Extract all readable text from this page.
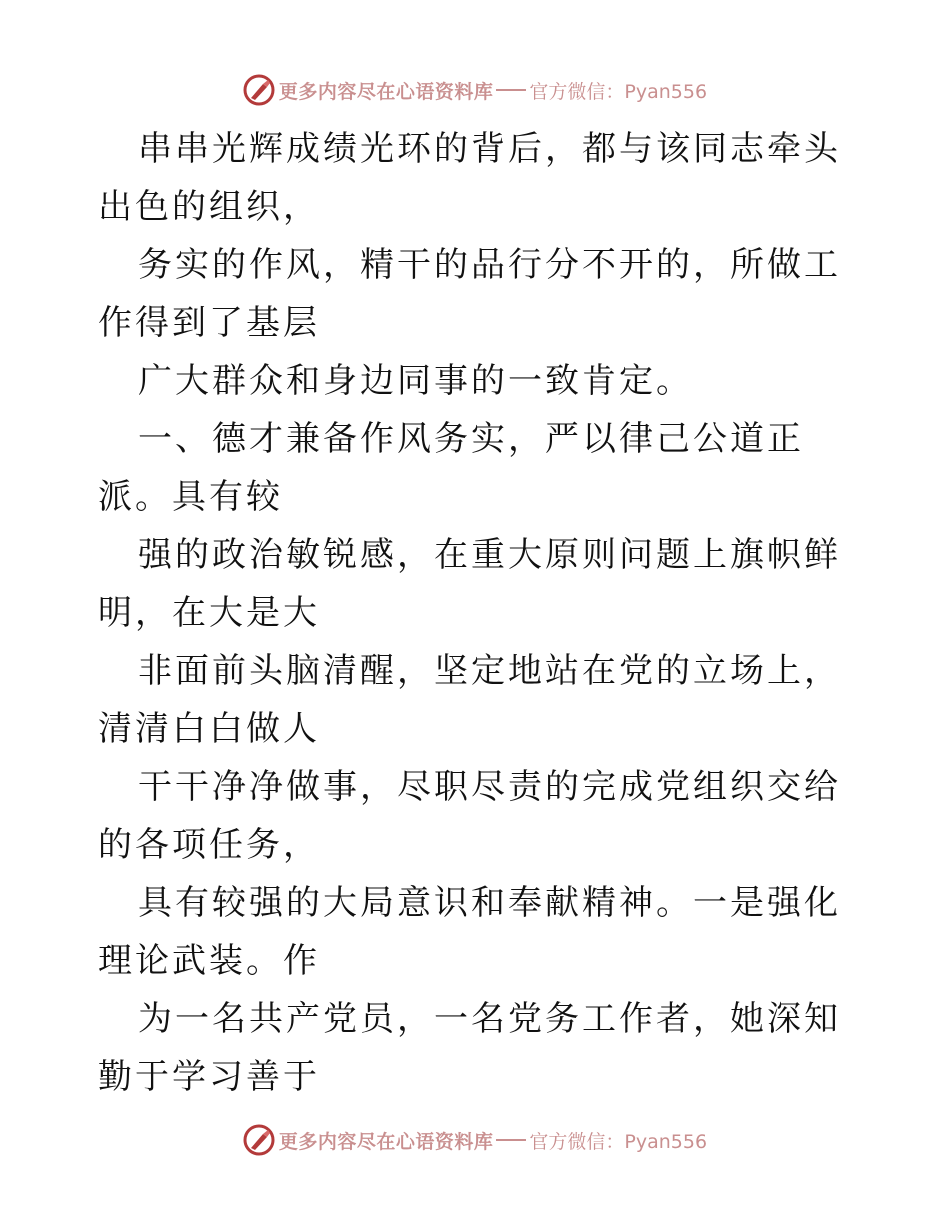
更多内容尽在心语资料库 官方微信：Pyan556

串串光辉成绩光环的背后，都与该同志牵头出色的组织，

务实的作风，精干的品行分不开的，所做工作得到了基层

广大群众和身边同事的一致肯定。

一、德才兼备作风务实，严以律己公道正派。具有较

强的政治敏锐感，在重大原则问题上旗帜鲜明，在大是大

非面前头脑清醒，坚定地站在党的立场上，清清白白做人

干干净净做事，尽职尽责的完成党组织交给的各项任务，

具有较强的大局意识和奉献精神。一是强化理论武装。作

为一名共产党员，一名党务工作者，她深知勤于学习善于

更多内容尽在心语资料库 官方微信：Pyan556
